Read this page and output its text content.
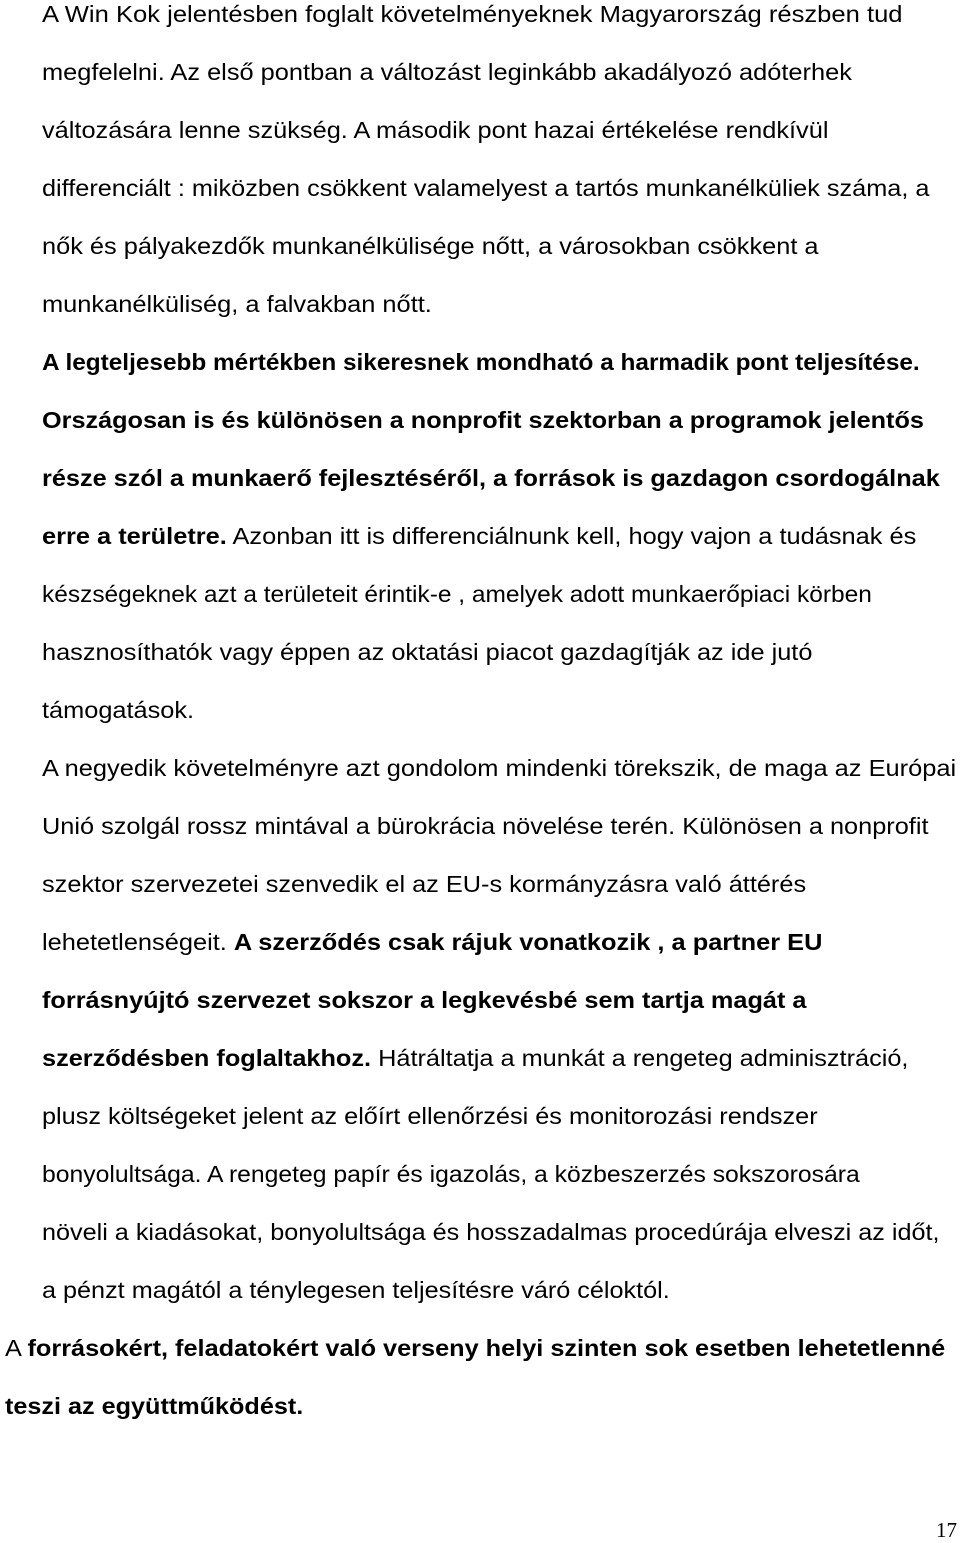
A Win Kok jelentésben foglalt követelményeknek Magyarország részben tud
megfelelni. Az első pontban a változást leginkább akadályozó adóterhek
változására lenne szükség. A második pont hazai értékelése rendkívül
differenciált : miközben csökkent valamelyest a tartós munkanélküliek száma, a
nők és pályakezdők munkanélkülisége nőtt, a városokban csökkent a
munkanélküliség, a falvakban nőtt.
A legteljesebb mértékben sikeresnek mondható a harmadik pont teljesítése.
Országosan is és különösen a nonprofit szektorban a programok jelentős
része szól a munkaerő fejlesztéséről, a források is gazdagon csordogálnak
erre a területre. Azonban itt is differenciálnunk kell, hogy vajon a tudásnak és
készségeknek azt a területeit érintik-e , amelyek adott munkaerőpiaci körben
hasznosíthatók vagy éppen az oktatási piacot gazdagítják az ide jutó
támogatások.
A negyedik követelményre azt gondolom mindenki törekszik, de maga az Európai
Unió szolgál rossz mintával a bürokrácia növelése terén. Különösen a nonprofit
szektor szervezetei szenvedik el az EU-s kormányzásra való áttérés
lehetetlenségeit. A szerződés csak rájuk vonatkozik , a partner EU
forrásnyújtó szervezet sokszor a legkevésbé sem tartja magát a
szerződésben foglaltakhoz. Hátráltatja a munkát a rengeteg adminisztráció,
plusz költségeket jelent az előírt ellenőrzési és monitorozási rendszer
bonyolultsága. A rengeteg papír és igazolás, a közbeszerzés sokszorosára
növeli a kiadásokat, bonyolultsága és hosszadalmas procedúrája elveszi az időt,
a pénzt magától a ténylegesen teljesítésre váró céloktól.
A forrásokért, feladatokért való verseny helyi szinten sok esetben lehetetlenné
teszi az együttműködést.
17
